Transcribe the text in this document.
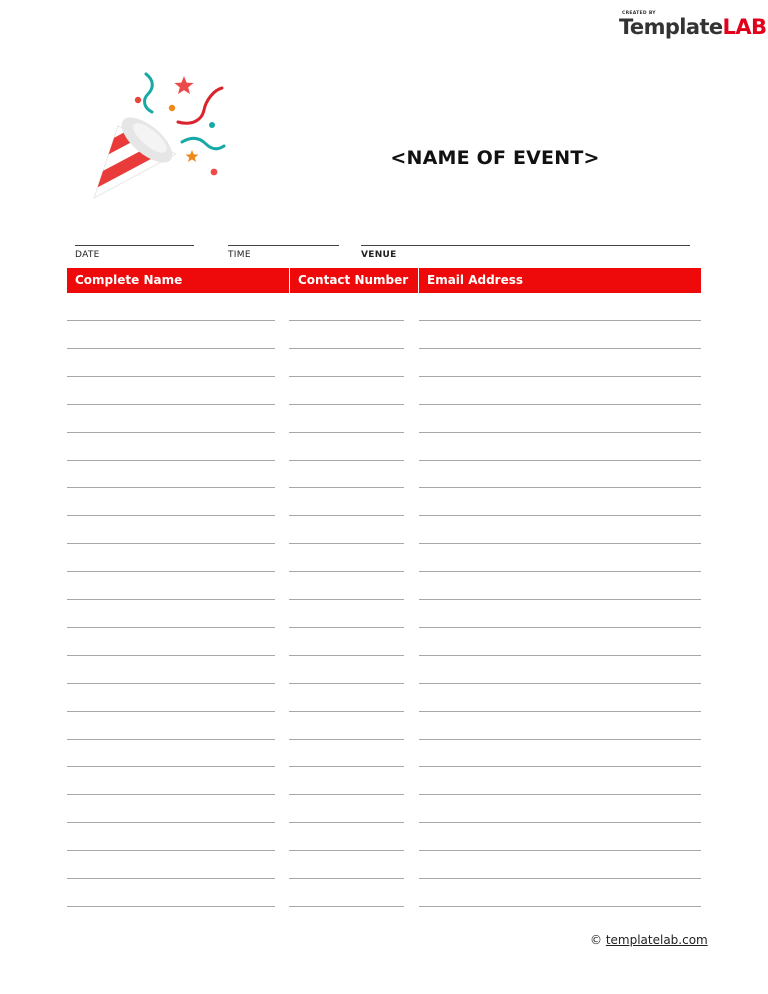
CREATED BY
TemplateLAB
<NAME OF EVENT>
DATE	TIME	VENUE
Complete Name	Contact Number	Email Address
© templatelab.com
